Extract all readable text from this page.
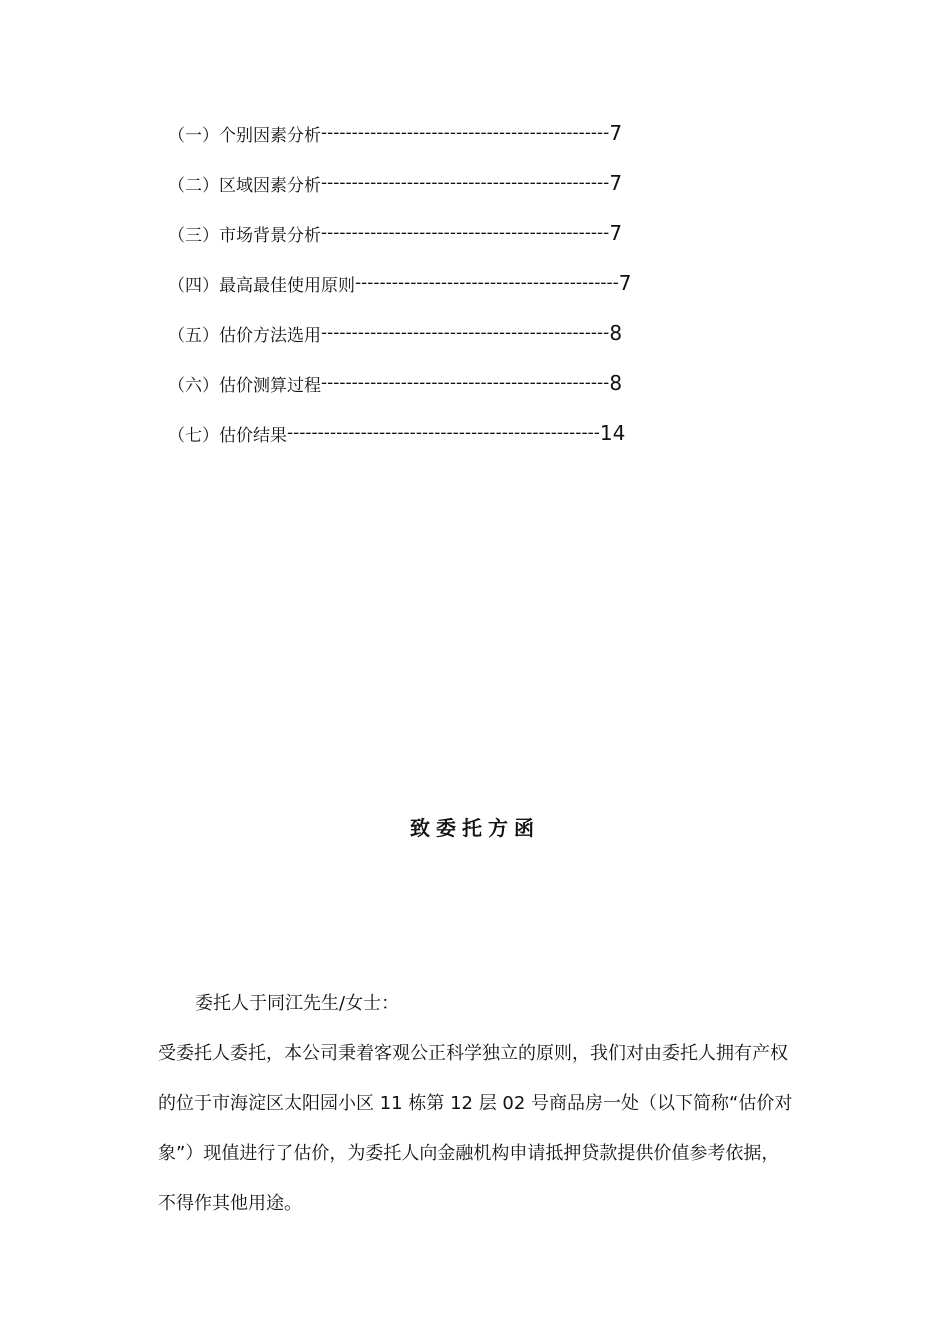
（一）个别因素分析 ----------------------------------------------- 7
（二）区域因素分析 ----------------------------------------------- 7
（三）市场背景分析 ----------------------------------------------- 7
（四）最高最佳使用原则 ------------------------------------------- 7
（五）估价方法选用 ----------------------------------------------- 8
（六）估价测算过程 ----------------------------------------------- 8
（七）估价结果 --------------------------------------------------- 14
致委托方函
委托人于同江先生/女士：
受委托人委托，本公司秉着客观公正科学独立的原则，我们对由委托人拥有产权
的位于市海淀区太阳园小区 11 栋第 12 层 02 号商品房一处（以下简称“估价对
象”）现值进行了估价，为委托人向金融机构申请抵押贷款提供价值参考依据，
不得作其他用途。
